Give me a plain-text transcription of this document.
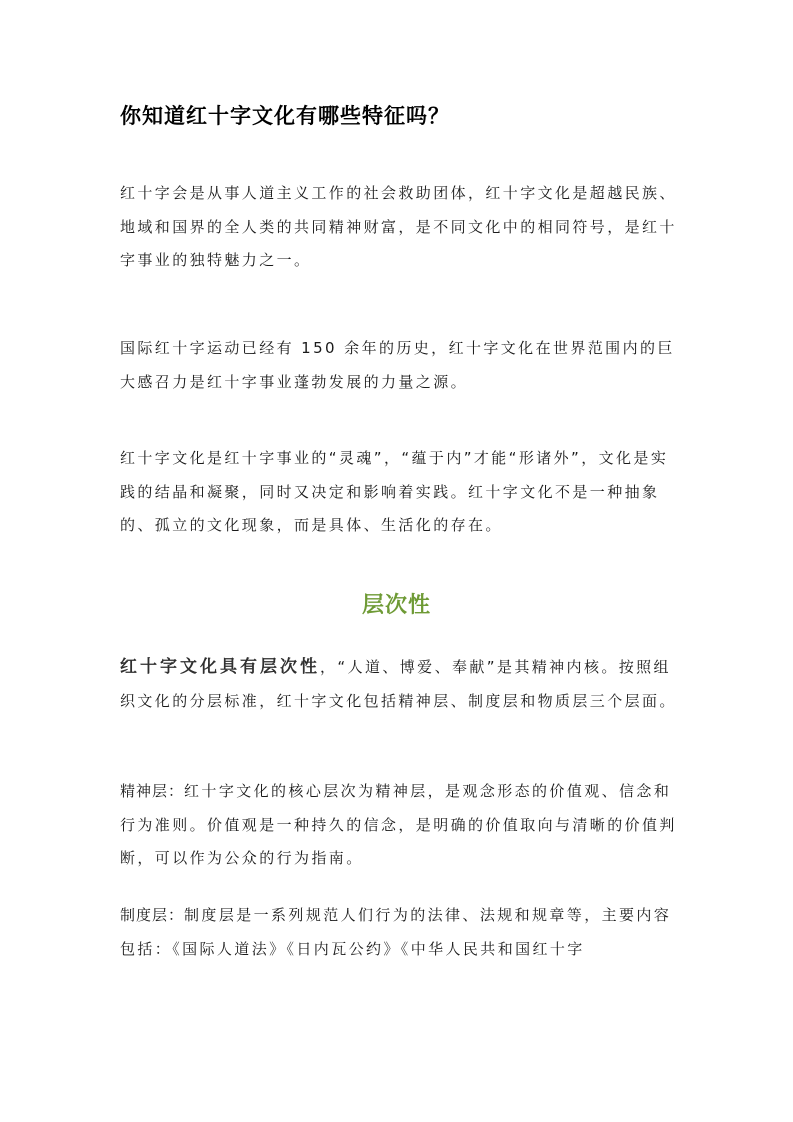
你知道红十字文化有哪些特征吗？

红十字会是从事人道主义工作的社会救助团体，红十字文化是超越民族、地域和国界的全人类的共同精神财富，是不同文化中的相同符号，是红十字事业的独特魅力之一。

国际红十字运动已经有 150 余年的历史，红十字文化在世界范围内的巨大感召力是红十字事业蓬勃发展的力量之源。

红十字文化是红十字事业的“灵魂”，“蕴于内”才能“形诸外”，文化是实践的结晶和凝聚，同时又决定和影响着实践。红十字文化不是一种抽象的、孤立的文化现象，而是具体、生活化的存在。

层次性

红十字文化具有层次性，“人道、博爱、奉献”是其精神内核。按照组织文化的分层标准，红十字文化包括精神层、制度层和物质层三个层面。

精神层：红十字文化的核心层次为精神层，是观念形态的价值观、信念和行为准则。价值观是一种持久的信念，是明确的价值取向与清晰的价值判断，可以作为公众的行为指南。

制度层：制度层是一系列规范人们行为的法律、法规和规章等，主要内容包括：《国际人道法》《日内瓦公约》《中华人民共和国红十字
